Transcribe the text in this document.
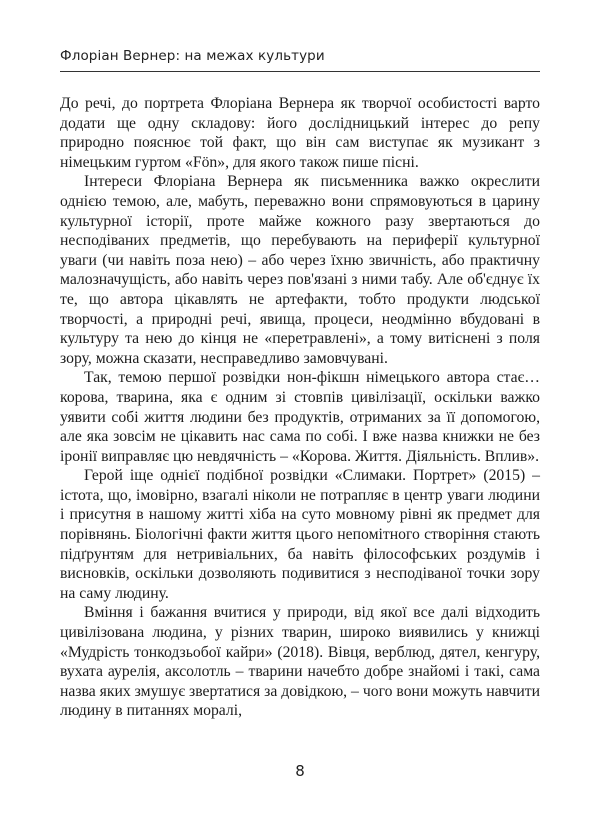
Флоріан Вернер: на межах культури

До речі, до портрета Флоріана Вернера як творчої особистості варто додати ще одну складову: його дослідницький інтерес до репу природно пояснює той факт, що він сам виступає як музикант з німецьким гуртом «Fön», для якого також пише пісні.

Інтереси Флоріана Вернера як письменника важко окреслити однією темою, але, мабуть, переважно вони спрямовуються в царину культурної історії, проте майже кожного разу звертаються до несподіваних предметів, що перебувають на периферії культурної уваги (чи навіть поза нею) – або через їхню звичність, або практичну малозначущість, або навіть через пов'язані з ними табу. Але об'єднує їх те, що автора цікавлять не артефакти, тобто продукти людської творчості, а природні речі, явища, процеси, неодмінно вбудовані в культуру та нею до кінця не «перетравлені», а тому витіснені з поля зору, можна сказати, несправедливо замовчувані.

Так, темою першої розвідки нон-фікшн німецького автора стає… корова, тварина, яка є одним зі стовпів цивілізації, оскільки важко уявити собі життя людини без продуктів, отриманих за її допомогою, але яка зовсім не цікавить нас сама по собі. І вже назва книжки не без іронії виправляє цю невдячність – «Корова. Життя. Діяльність. Вплив».

Герой іще однієї подібної розвідки «Слимаки. Портрет» (2015) – істота, що, імовірно, взагалі ніколи не потрапляє в центр уваги людини і присутня в нашому житті хіба на суто мовному рівні як предмет для порівнянь. Біологічні факти життя цього непомітного створіння стають підґрунтям для нетривіальних, ба навіть філософських роздумів і висновків, оскільки дозволяють подивитися з несподіваної точки зору на саму людину.

Вміння і бажання вчитися у природи, від якої все далі відходить цивілізована людина, у різних тварин, широко виявились у книжці «Мудрість тонкодзьобої кайри» (2018). Вівця, верблюд, дятел, кенгуру, вухата аурелія, аксолотль – тварини начебто добре знайомі і такі, сама назва яких змушує звертатися за довідкою, – чого вони можуть навчити людину в питаннях моралі,

8
